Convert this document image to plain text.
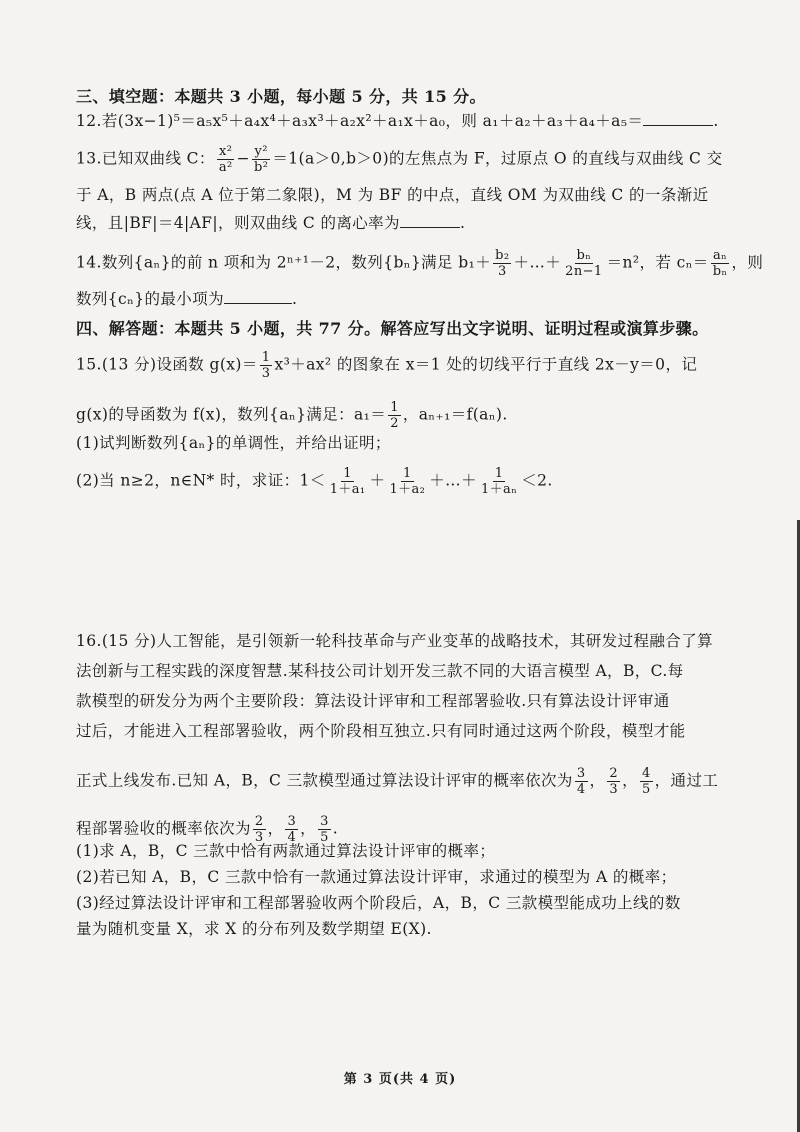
三、填空题：本题共 3 小题，每小题 5 分，共 15 分。
12.若(3x−1)⁵＝a₅x⁵＋a₄x⁴＋a₃x³＋a₂x²＋a₁x＋a₀，则 a₁＋a₂＋a₃＋a₄＋a₅＝	.
13.已知双曲线 C： $\frac{\text{x²}}{\text{a²}} - \frac{\text{y²}}{\text{b²}} =1(a>0,b>0)$的左焦点为 F，过原点 O 的直线与双曲线 C 交
于 A，B 两点(点 A 位于第二象限)，M 为 BF 的中点，直线 OM 为双曲线 C 的一条渐近
线，且|BF|＝4|AF|，则双曲线 C 的离心率为	.
14.数列{aₙ}的前 n 项和为 2ⁿ⁺¹－2，数列{bₙ}满足 $b_1+ \frac{\text{b₂}}{3}$ ＋…＋ $\frac{\text{bₙ}}{2n-1} =n^2$，若 $c_n= \frac{\text{aₙ}}{\text{bₙ}}$ ，则
数列{cₙ}的最小项为	.
四、解答题：本题共 5 小题，共 77 分。解答应写出文字说明、证明过程或演算步骤。
15.(13 分)设函数 $g(x)= \frac{1}{3} x^3+ax^2$ 的图象在 x＝1 处的切线平行于直线 2x－y＝0，记
g(x)的导函数为 f(x)，数列{aₙ}满足：$a_1= \frac{1}{2}$ ，aₙ₊₁＝f(aₙ).
(1)试判断数列{aₙ}的单调性，并给出证明；
(2)当 n≥2，n∈N* 时，求证：$1< \frac{1}{\text{1＋a₁}} + \frac{1}{\text{1＋a₂}}$ ＋…＋ $\frac{1}{\text{1＋aₙ}} <2$.
16.(15 分)人工智能，是引领新一轮科技革命与产业变革的战略技术，其研发过程融合了算
法创新与工程实践的深度智慧.某科技公司计划开发三款不同的大语言模型 A，B，C.每
款模型的研发分为两个主要阶段：算法设计评审和工程部署验收.只有算法设计评审通
过后，才能进入工程部署验收，两个阶段相互独立.只有同时通过这两个阶段，模型才能
正式上线发布.已知 A，B，C 三款模型通过算法设计评审的概率依次为 $\frac{3}{4}$ ， $\frac{2}{3}$ ， $\frac{4}{5}$ ，通过工
程部署验收的概率依次为 $\frac{2}{3}$ ， $\frac{3}{4}$ ， $\frac{3}{5}$ .
(1)求 A，B，C 三款中恰有两款通过算法设计评审的概率；
(2)若已知 A，B，C 三款中恰有一款通过算法设计评审，求通过的模型为 A 的概率；
(3)经过算法设计评审和工程部署验收两个阶段后，A，B，C 三款模型能成功上线的数
量为随机变量 X，求 X 的分布列及数学期望 E(X).
第 3 页(共 4 页)
